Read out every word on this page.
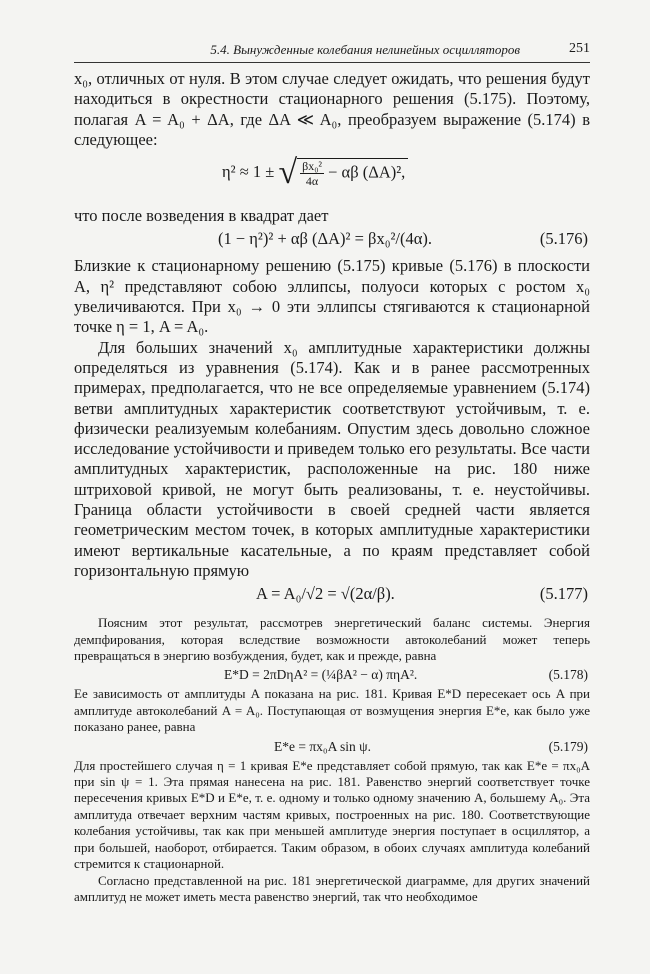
5.4. Вынужденные колебания нелинейных осцилляторов	251

x₀, отличных от нуля. В этом случае следует ожидать, что решения будут находиться в окрестности стационарного решения (5.175). Поэтому, полагая A = A₀ + ΔA, где ΔA ≪ A₀, преобразуем выражение (5.174) в следующее:

η² ≈ 1 ± √ $\frac{\text{βx₀²}}{4\alpha} - \alpha\beta$ (ΔA)²,

что после возведения в квадрат дает

(1 − η²)² + αβ (ΔA)² = βx₀²/(4α).	(5.176)

Близкие к стационарному решению (5.175) кривые (5.176) в плоскости A, η² представляют собою эллипсы, полуоси которых с ростом x₀ увеличиваются. При x₀ → 0 эти эллипсы стягиваются к стационарной точке η = 1, A = A₀.

Для больших значений x₀ амплитудные характеристики должны определяться из уравнения (5.174). Как и в ранее рассмотренных примерах, предполагается, что не все определяемые уравнением (5.174) ветви амплитудных характеристик соответствуют устойчивым, т. е. физически реализуемым колебаниям. Опустим здесь довольно сложное исследование устойчивости и приведем только его результаты. Все части амплитудных характеристик, расположенные на рис. 180 ниже штриховой кривой, не могут быть реализованы, т. е. неустойчивы. Граница области устойчивости в своей средней части является геометрическим местом точек, в которых амплитудные характеристики имеют вертикальные касательные, а по краям представляет собой горизонтальную прямую

A = A₀/√2 = √(2α/β).	(5.177)

Поясним этот результат, рассмотрев энергетический баланс системы. Энергия демпфирования, которая вследствие возможности автоколебаний может теперь превращаться в энергию возбуждения, будет, как и прежде, равна

E*D = 2πDηA² = (¼βA² − α) πηA².	(5.178)

Ее зависимость от амплитуды A показана на рис. 181. Кривая E*D пересекает ось A при амплитуде автоколебаний A = A₀. Поступающая от возмущения энергия E*e, как было уже показано ранее, равна

E*e = πx₀A sin ψ.	(5.179)

Для простейшего случая η = 1 кривая E*e представляет собой прямую, так как E*e = πx₀A при sin ψ = 1. Эта прямая нанесена на рис. 181. Равенство энергий соответствует точке пересечения кривых E*D и E*e, т. е. одному и только одному значению A, большему A₀. Эта амплитуда отвечает верхним частям кривых, построенных на рис. 180. Соответствующие колебания устойчивы, так как при меньшей амплитуде энергия поступает в осциллятор, а при большей, наоборот, отбирается. Таким образом, в обоих случаях амплитуда колебаний стремится к стационарной.

Согласно представленной на рис. 181 энергетической диаграмме, для других значений амплитуд не может иметь места равенство энергий, так что необходимое
